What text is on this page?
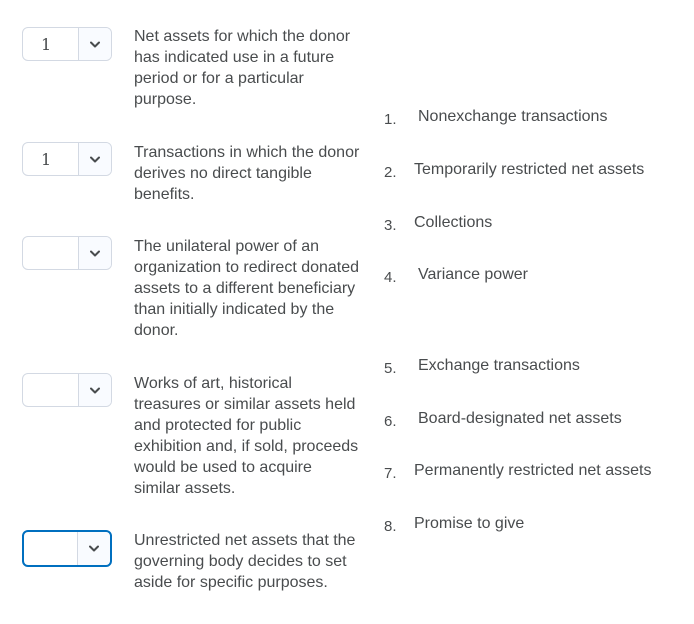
1	Net assets for which the donor has indicated use in a future period or for a particular purpose.

1	Transactions in which the donor derives no direct tangible benefits.

The unilateral power of an organization to redirect donated assets to a different beneficiary than initially indicated by the donor.

Works of art, historical treasures or similar assets held and protected for public exhibition and, if sold, proceeds would be used to acquire similar assets.

Unrestricted net assets that the governing body decides to set aside for specific purposes.

1. Nonexchange transactions
2. Temporarily restricted net assets
3. Collections
4. Variance power
5. Exchange transactions
6. Board-designated net assets
7. Permanently restricted net assets
8. Promise to give
